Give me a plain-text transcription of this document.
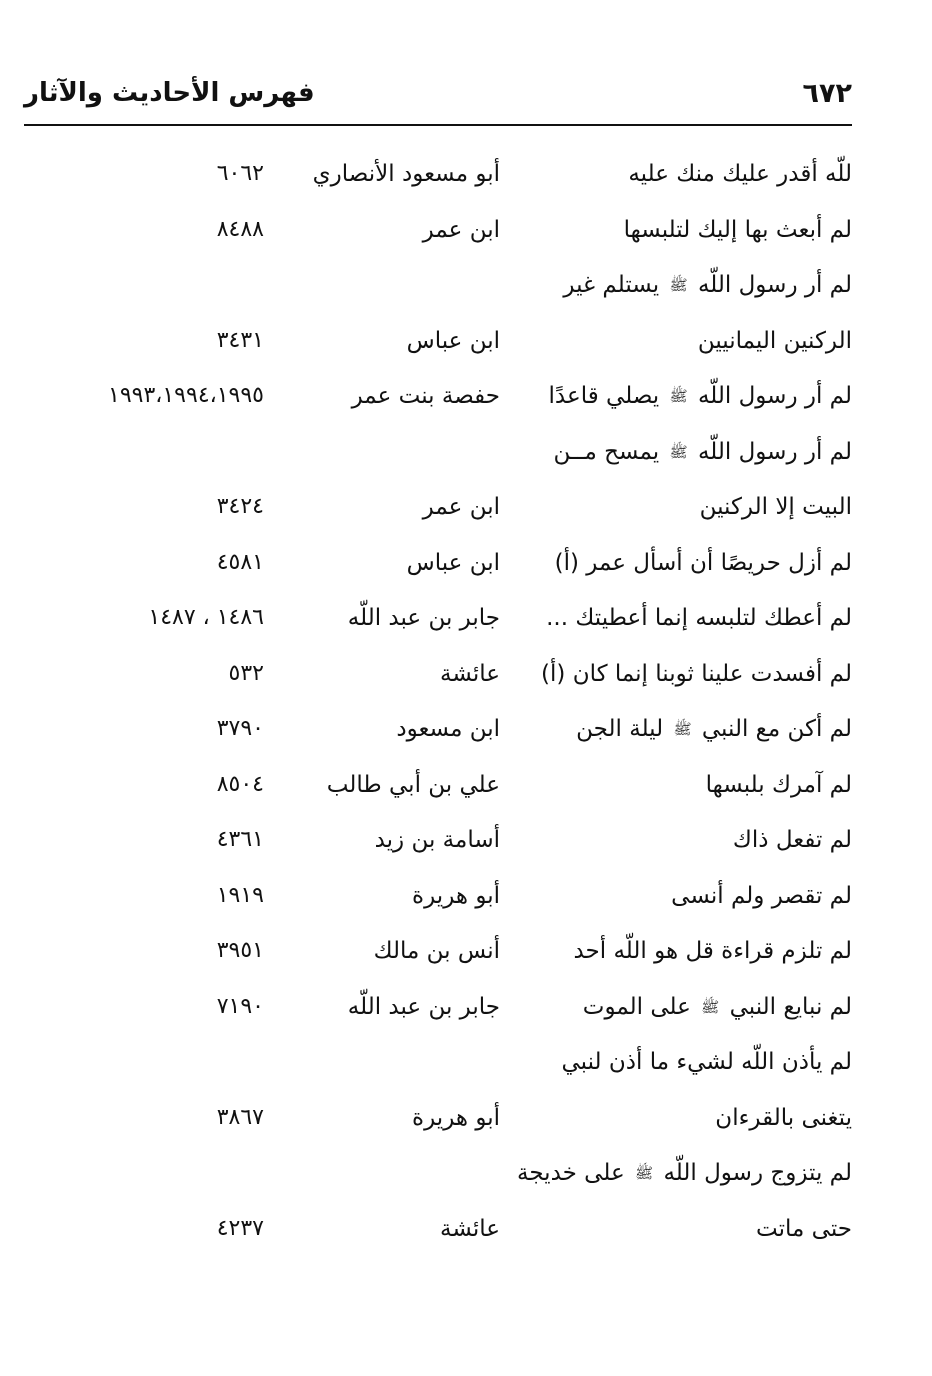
٦٧٢
فهرس الأحاديث والآثار
للّه أقدر عليك منك عليه
أبو مسعود الأنصاري
٦٠٦٢
لم أبعث بها إليك لتلبسها
ابن عمر
٨٤٨٨
لم أر رسول اللّه ﷺ يستلم غير
الركنين اليمانيين
ابن عباس
٣٤٣١
لم أر رسول اللّه ﷺ يصلي قاعدًا
حفصة بنت عمر
١٩٩٣،١٩٩٤،١٩٩٥
لم أر رسول اللّه ﷺ يمسح مــن
البيت إلا الركنين
ابن عمر
٣٤٢٤
لم أزل حريصًا أن أسأل عمر (أ)
ابن عباس
٤٥٨١
لم أعطك لتلبسه إنما أعطيتك ...
جابر بن عبد اللّه
١٤٨٦ ، ١٤٨٧
لم أفسدت علينا ثوبنا إنما كان (أ)
عائشة
٥٣٢
لم أكن مع النبي ﷺ ليلة الجن
ابن مسعود
٣٧٩٠
لم آمرك بلبسها
علي بن أبي طالب
٨٥٠٤
لم تفعل ذاك
أسامة بن زيد
٤٣٦١
لم تقصر ولم أنسى
أبو هريرة
١٩١٩
لم تلزم قراءة قل هو اللّه أحد
أنس بن مالك
٣٩٥١
لم نبايع النبي ﷺ على الموت
جابر بن عبد اللّه
٧١٩٠
لم يأذن اللّه لشيء ما أذن لنبي
يتغنى بالقرءان
أبو هريرة
٣٨٦٧
لم يتزوج رسول اللّه ﷺ على خديجة
حتى ماتت
عائشة
٤٢٣٧
